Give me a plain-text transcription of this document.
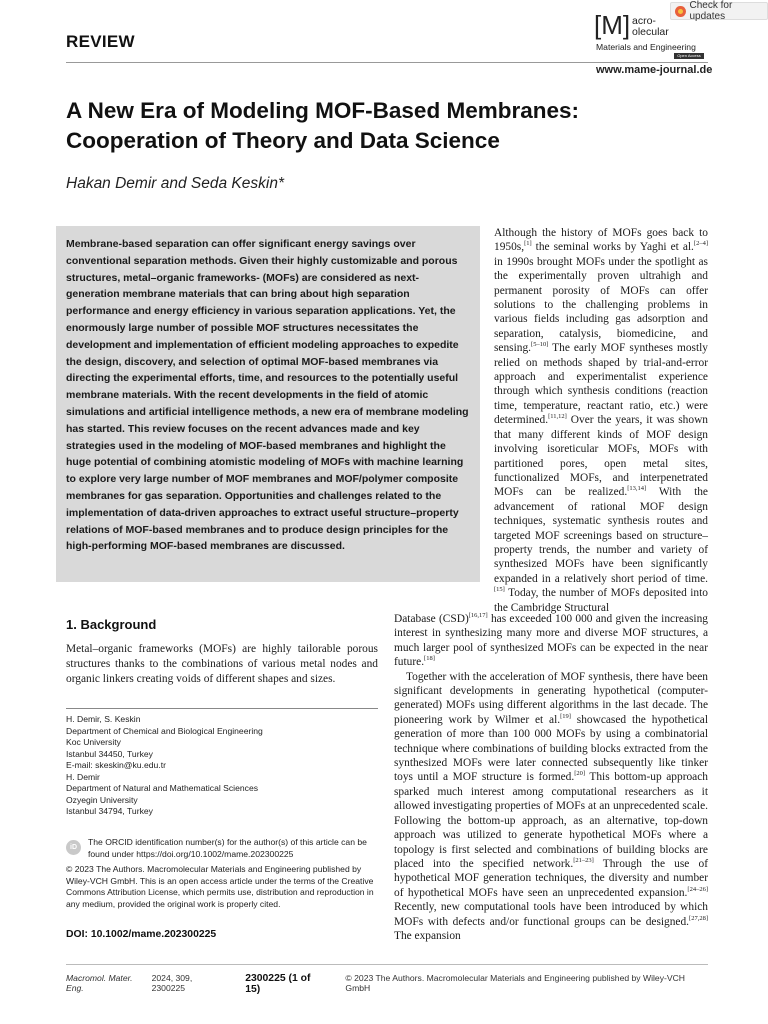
REVIEW
Check for updates
[M] acro-
olecular
Materials and Engineering
Open Access
www.mame-journal.de
A New Era of Modeling MOF-Based Membranes: Cooperation of Theory and Data Science
Hakan Demir and Seda Keskin*
Membrane-based separation can offer significant energy savings over conventional separation methods. Given their highly customizable and porous structures, metal–organic frameworks- (MOFs) are considered as next-generation membrane materials that can bring about high separation performance and energy efficiency in various separation applications. Yet, the enormously large number of possible MOF structures necessitates the development and implementation of efficient modeling approaches to expedite the design, discovery, and selection of optimal MOF-based membranes via directing the experimental efforts, time, and resources to the potentially useful membrane materials. With the recent developments in the field of atomic simulations and artificial intelligence methods, a new era of membrane modeling has started. This review focuses on the recent advances made and key strategies used in the modeling of MOF-based membranes and highlight the huge potential of combining atomistic modeling of MOFs with machine learning to explore very large number of MOF membranes and MOF/polymer composite membranes for gas separation. Opportunities and challenges related to the implementation of data-driven approaches to extract useful structure–property relations of MOF-based membranes and to produce design principles for the high-performing MOF-based membranes are discussed.
1. Background
Metal–organic frameworks (MOFs) are highly tailorable porous structures thanks to the combinations of various metal nodes and organic linkers creating voids of different shapes and sizes.
H. Demir, S. Keskin
Department of Chemical and Biological Engineering
Koc University
Istanbul 34450, Turkey
E-mail: skeskin@ku.edu.tr
H. Demir
Department of Natural and Mathematical Sciences
Ozyegin University
Istanbul 34794, Turkey
iD
The ORCID identification number(s) for the author(s) of this article can be found under https://doi.org/10.1002/mame.202300225
© 2023 The Authors. Macromolecular Materials and Engineering published by Wiley-VCH GmbH. This is an open access article under the terms of the Creative Commons Attribution License, which permits use, distribution and reproduction in any medium, provided the original work is properly cited.
DOI: 10.1002/mame.202300225

Although the history of MOFs goes back to 1950s,[1] the seminal works by Yaghi et al.[2–4] in 1990s brought MOFs under the spotlight as the experimentally proven ultrahigh and permanent porosity of MOFs can offer solutions to the challenging problems in various fields including gas adsorption and separation, catalysis, biomedicine, and sensing.[5–10] The early MOF syntheses mostly relied on methods shaped by trial-and-error approach and experimentalist experience through which synthesis conditions (reaction time, temperature, reactant ratio, etc.) were determined.[11,12] Over the years, it was shown that many different kinds of MOF design involving isoreticular MOFs, MOFs with partitioned pores, open metal sites, functionalized MOFs, and interpenetrated MOFs can be realized.[13,14] With the advancement of rational MOF design techniques, systematic synthesis routes and targeted MOF screenings based on structure–property trends, the number and variety of synthesized MOFs have been significantly expanded in a relatively short period of time.[15] Today, the number of MOFs deposited into the Cambridge Structural

Database (CSD)[16,17] has exceeded 100 000 and given the increasing interest in synthesizing many more and diverse MOF structures, a much larger pool of synthesized MOFs can be expected in the near future.[18]

Together with the acceleration of MOF synthesis, there have been significant developments in generating hypothetical (computer-generated) MOFs using different algorithms in the last decade. The pioneering work by Wilmer et al.[19] showcased the hypothetical generation of more than 100 000 MOFs by using a combinatorial technique where combinations of building blocks extracted from the synthesized MOFs were later connected subsequently like tinker toys until a MOF structure is formed.[20] This bottom-up approach sparked much interest among computational researchers as it allowed investigating properties of MOFs at an unprecedented scale. Following the bottom-up approach, as an alternative, top-down approach was utilized to generate hypothetical MOFs where a topology is first selected and combinations of building blocks are placed into the specified network.[21–23] Through the use of hypothetical MOF generation techniques, the diversity and number of hypothetical MOFs have seen an unprecedented expansion.[24–26] Recently, new computational tools have been introduced by which MOFs with defects and/or functional groups can be designed.[27,28] The expansion

Macromol. Mater. Eng.
2024, 309, 2300225
2300225 (1 of 15)
© 2023 The Authors. Macromolecular Materials and Engineering published by Wiley-VCH GmbH
